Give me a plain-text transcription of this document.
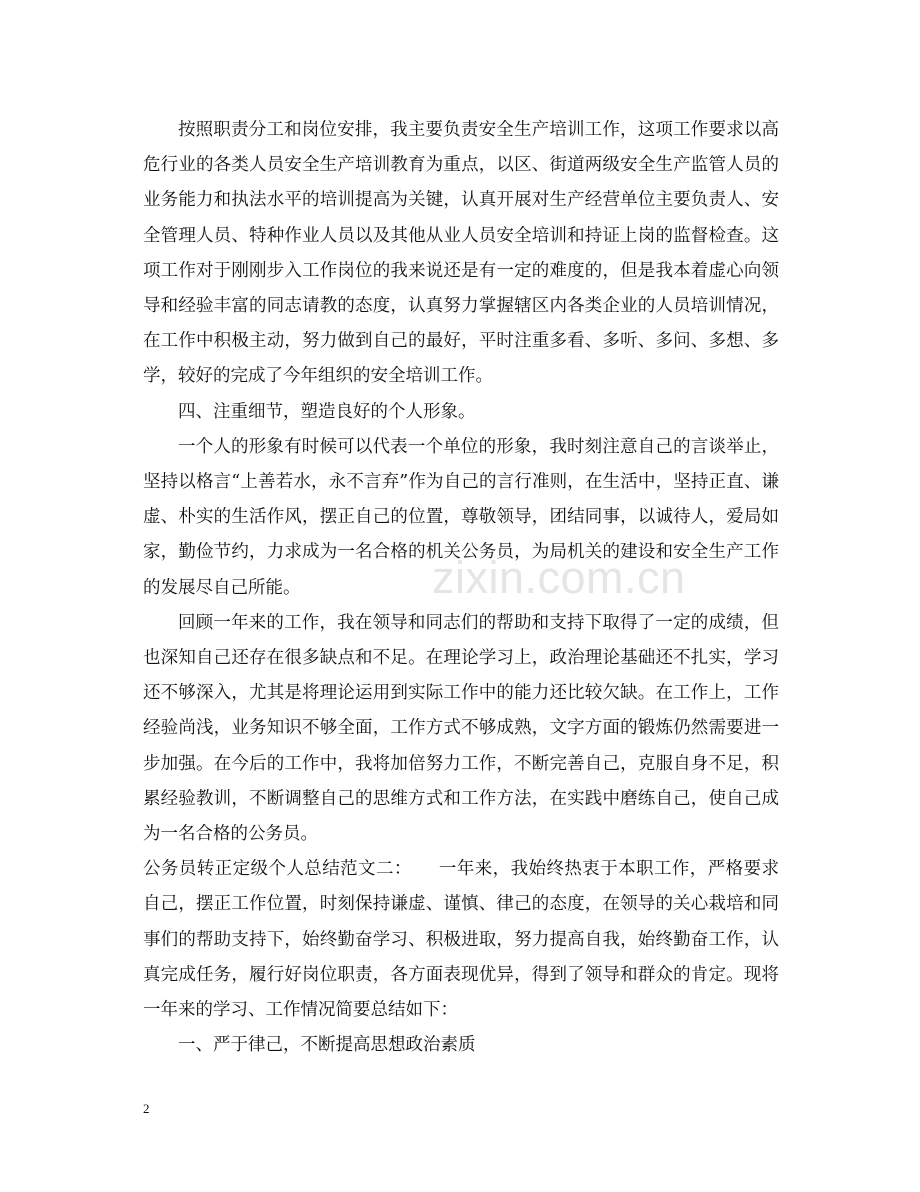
按照职责分工和岗位安排，我主要负责安全生产培训工作，这项工作要求以高危行业的各类人员安全生产培训教育为重点，以区、街道两级安全生产监管人员的业务能力和执法水平的培训提高为关键，认真开展对生产经营单位主要负责人、安全管理人员、特种作业人员以及其他从业人员安全培训和持证上岗的监督检查。这项工作对于刚刚步入工作岗位的我来说还是有一定的难度的，但是我本着虚心向领导和经验丰富的同志请教的态度，认真努力掌握辖区内各类企业的人员培训情况，在工作中积极主动，努力做到自己的最好，平时注重多看、多听、多问、多想、多学，较好的完成了今年组织的安全培训工作。

四、注重细节，塑造良好的个人形象。

一个人的形象有时候可以代表一个单位的形象，我时刻注意自己的言谈举止，坚持以格言“上善若水，永不言弃”作为自己的言行准则，在生活中，坚持正直、谦虚、朴实的生活作风，摆正自己的位置，尊敬领导，团结同事，以诚待人，爱局如家，勤俭节约，力求成为一名合格的机关公务员，为局机关的建设和安全生产工作的发展尽自己所能。

回顾一年来的工作，我在领导和同志们的帮助和支持下取得了一定的成绩，但也深知自己还存在很多缺点和不足。在理论学习上，政治理论基础还不扎实，学习还不够深入，尤其是将理论运用到实际工作中的能力还比较欠缺。在工作上，工作经验尚浅，业务知识不够全面，工作方式不够成熟，文字方面的锻炼仍然需要进一步加强。在今后的工作中，我将加倍努力工作，不断完善自己，克服自身不足，积累经验教训，不断调整自己的思维方式和工作方法，在实践中磨练自己，使自己成为一名合格的公务员。

公务员转正定级个人总结范文二：　　一年来，我始终热衷于本职工作，严格要求自己，摆正工作位置，时刻保持谦虚、谨慎、律己的态度，在领导的关心栽培和同事们的帮助支持下，始终勤奋学习、积极进取，努力提高自我，始终勤奋工作，认真完成任务，履行好岗位职责，各方面表现优异，得到了领导和群众的肯定。现将一年来的学习、工作情况简要总结如下：

一、严于律己，不断提高思想政治素质

zixin.com.cn
2
